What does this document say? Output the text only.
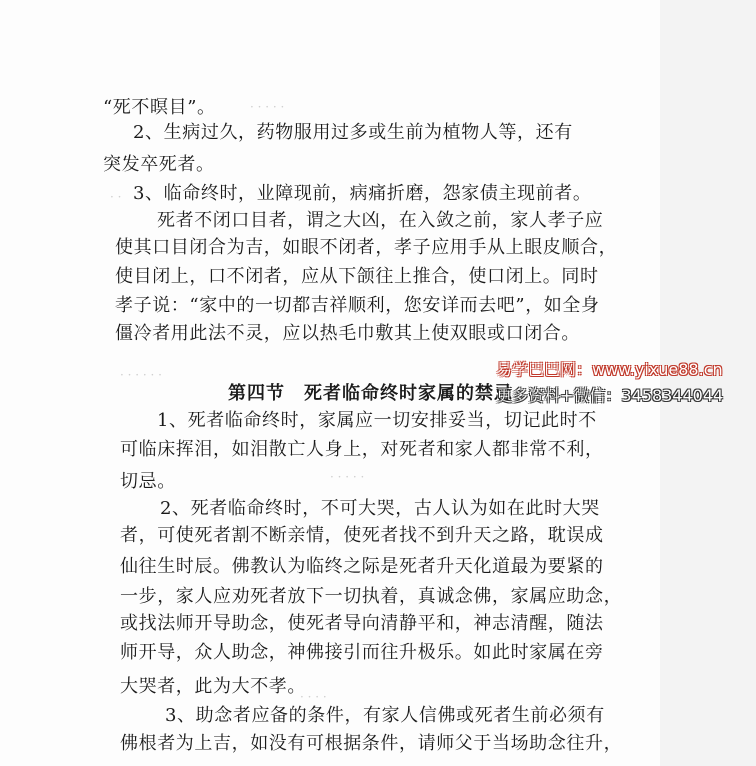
· · · · ·
· ·
· · · · · ·
· · · · ·
· · · ·
“死不暝目”。
2、生病过久，药物服用过多或生前为植物人等，还有
突发卒死者。
3、临命终时，业障现前，病痛折磨，怨家债主现前者。
死者不闭口目者，谓之大凶，在入敛之前，家人孝子应
使其口目闭合为吉，如眼不闭者，孝子应用手从上眼皮顺合，
使目闭上，口不闭者，应从下颌往上推合，使口闭上。同时
孝子说：“家中的一切都吉祥顺利，您安详而去吧”，如全身
僵冷者用此法不灵，应以热毛巾敷其上使双眼或口闭合。
第四节　死者临命终时家属的禁忌
1、死者临命终时，家属应一切安排妥当，切记此时不
可临床挥泪，如泪散亡人身上，对死者和家人都非常不利，
切忌。
2、死者临命终时，不可大哭，古人认为如在此时大哭
者，可使死者割不断亲情，使死者找不到升天之路，耽误成
仙往生时辰。佛教认为临终之际是死者升天化道最为要紧的
一步，家人应劝死者放下一切执着，真诚念佛，家属应助念，
或找法师开导助念，使死者导向清静平和，神志清醒，随法
师开导，众人助念，神佛接引而往升极乐。如此时家属在旁
大哭者，此为大不孝。
3、助念者应备的条件，有家人信佛或死者生前必须有
佛根者为上吉，如没有可根据条件，请师父于当场助念往升，
易学巴巴网：www.yixue88.cn
更多资料+微信：3458344044
